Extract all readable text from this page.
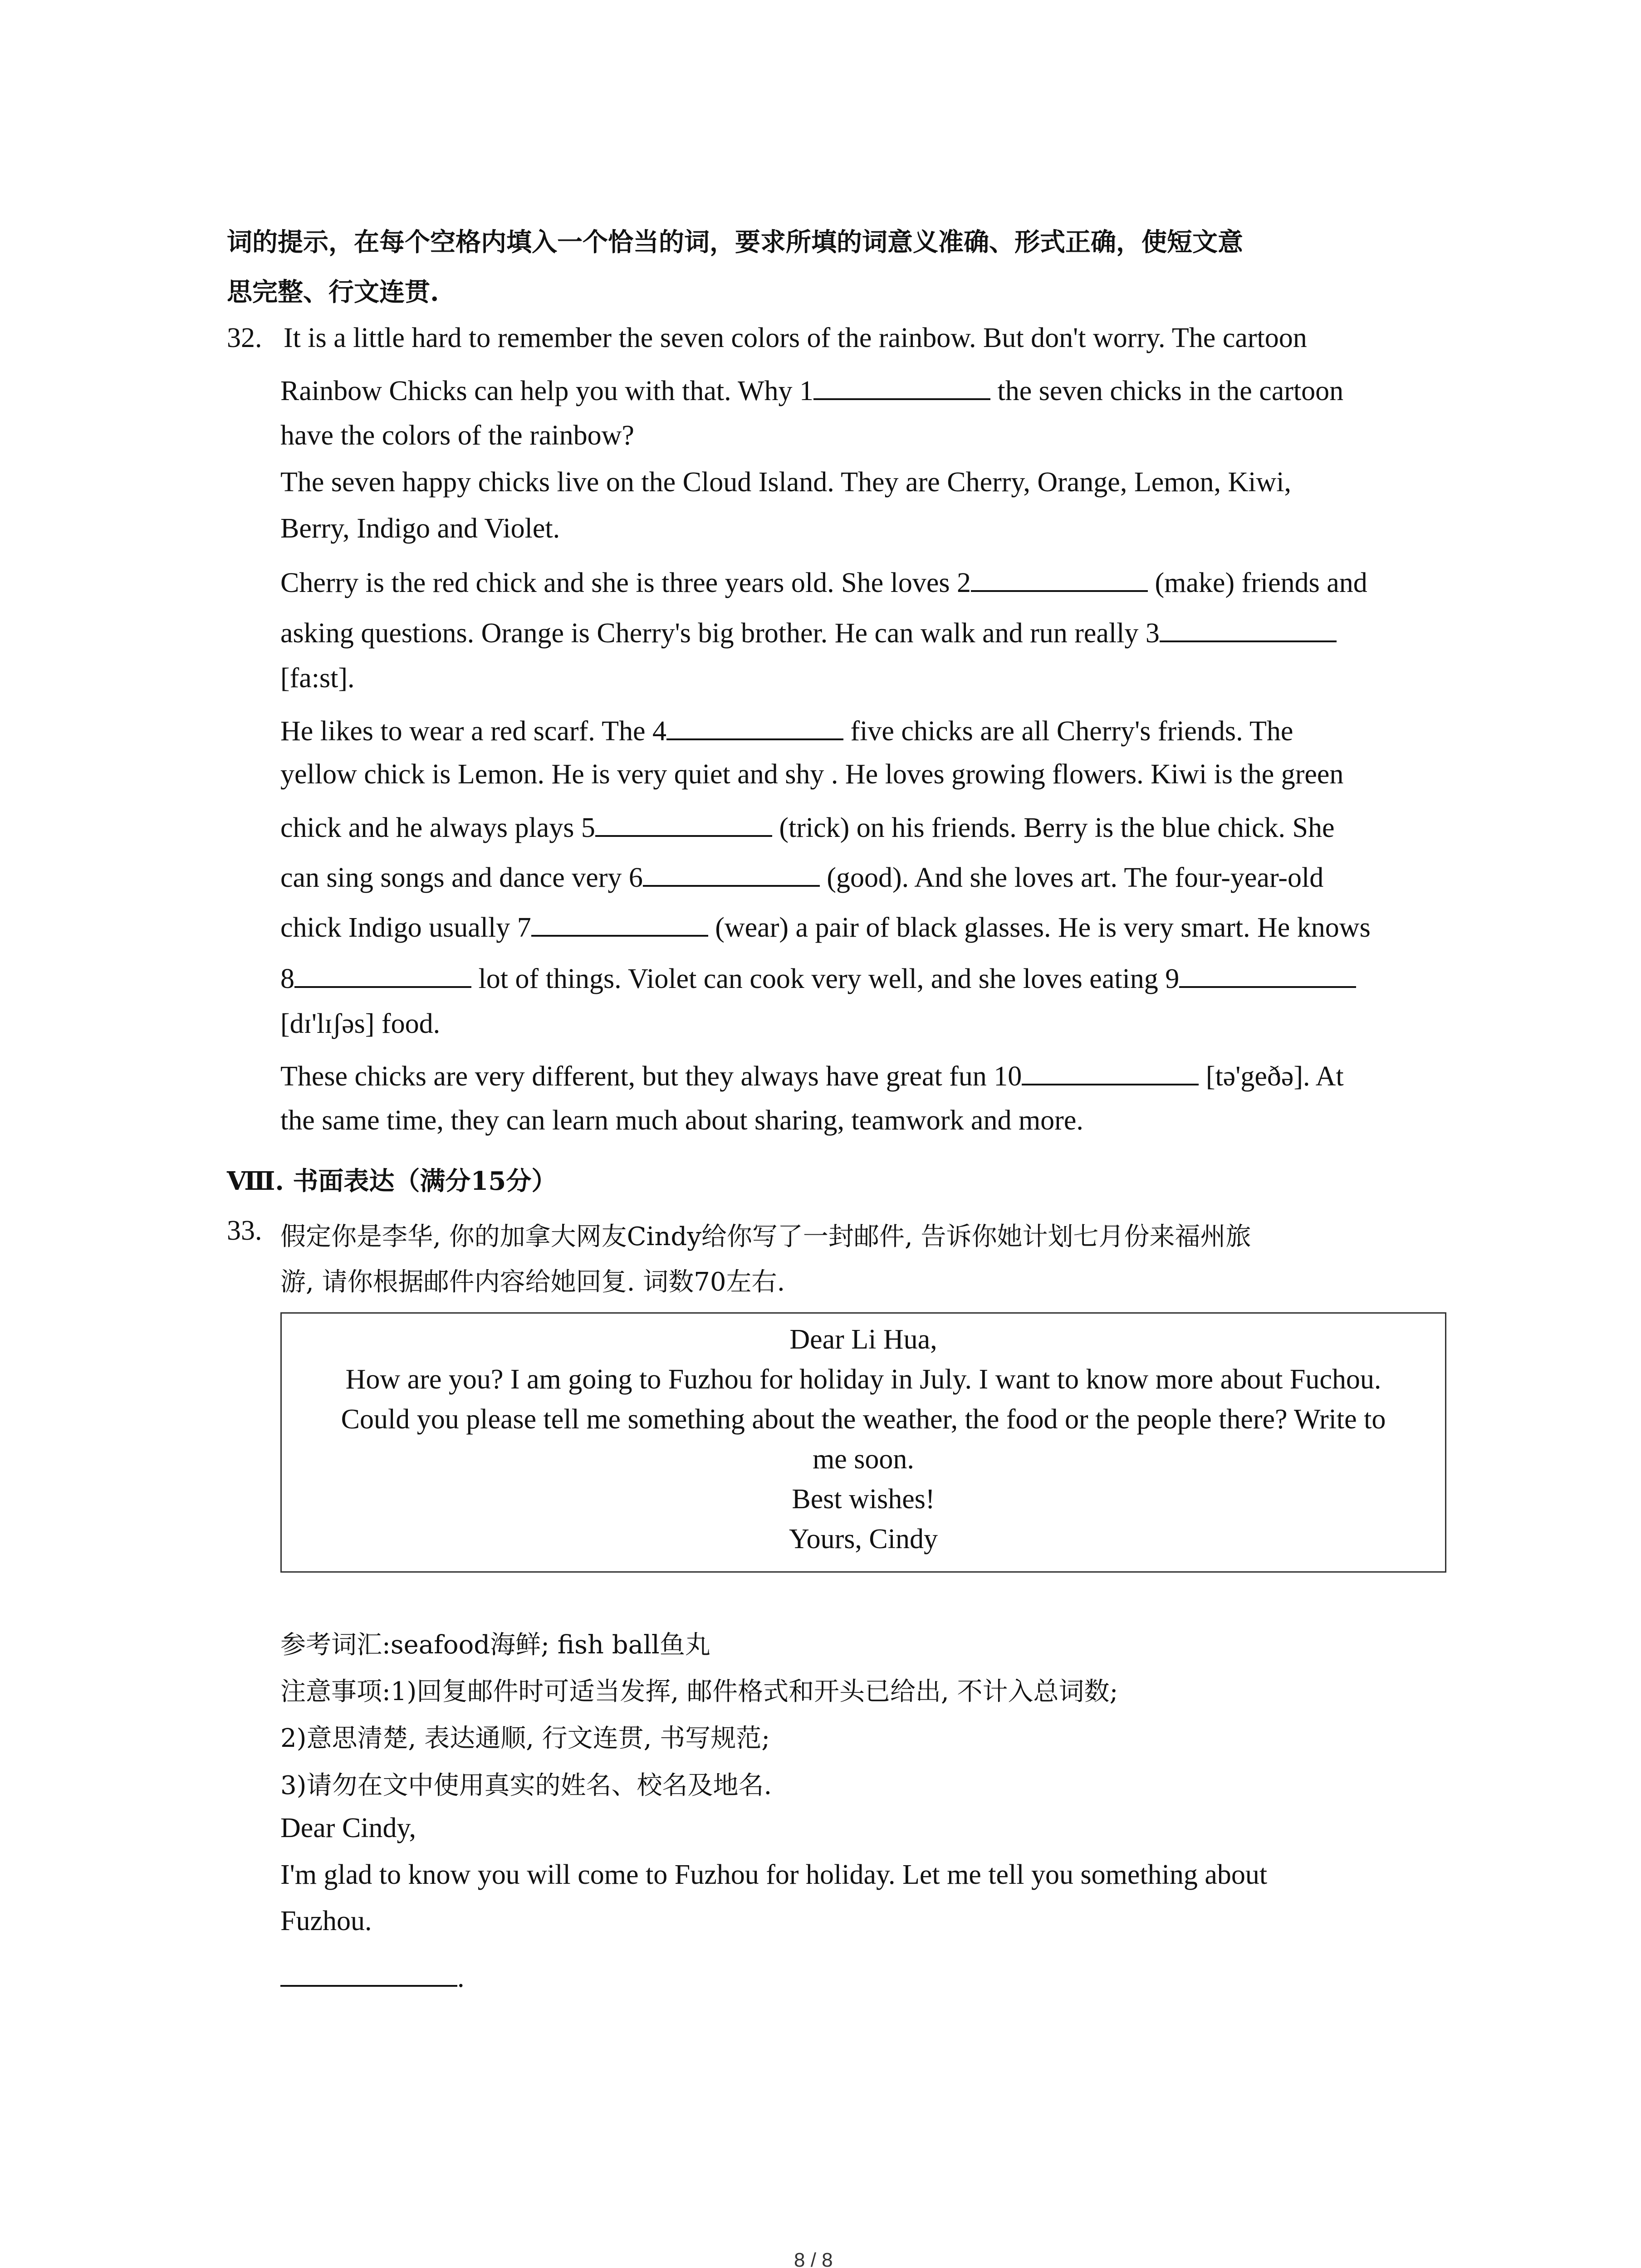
词的提示，在每个空格内填入一个恰当的词，要求所填的词意义准确、形式正确，使短文意
思完整、行文连贯.
32. It is a little hard to remember the seven colors of the rainbow. But don't worry. The cartoon
Rainbow Chicks can help you with that. Why 1	the seven chicks in the cartoon
have the colors of the rainbow?
The seven happy chicks live on the Cloud Island. They are Cherry, Orange, Lemon, Kiwi,
Berry, Indigo and Violet.
Cherry is the red chick and she is three years old. She loves 2	(make) friends and
asking questions. Orange is Cherry's big brother. He can walk and run really 3
[fa:st].
He likes to wear a red scarf. The 4	five chicks are all Cherry's friends. The
yellow chick is Lemon. He is very quiet and shy . He loves growing flowers. Kiwi is the green
chick and he always plays 5	(trick) on his friends. Berry is the blue chick. She
can sing songs and dance very 6	(good). And she loves art. The four-year-old
chick Indigo usually 7	(wear) a pair of black glasses. He is very smart. He knows
8	lot of things. Violet can cook very well, and she loves eating 9
[dɪ'lɪʃəs] food.
These chicks are very different, but they always have great fun 10	[tə'geðə]. At
the same time, they can learn much about sharing, teamwork and more.
Ⅷ. 书面表达（满分15分）
33. 假定你是李华, 你的加拿大网友Cindy给你写了一封邮件, 告诉你她计划七月份来福州旅
游, 请你根据邮件内容给她回复. 词数70左右.
Dear Li Hua,
How are you? I am going to Fuzhou for holiday in July. I want to know more about Fuchou.
Could you please tell me something about the weather, the food or the people there? Write to
me soon.
Best wishes!
Yours, Cindy
参考词汇:seafood海鲜; fish ball鱼丸
注意事项:1)回复邮件时可适当发挥, 邮件格式和开头已给出, 不计入总词数;
2)意思清楚, 表达通顺, 行文连贯, 书写规范;
3)请勿在文中使用真实的姓名、校名及地名.
Dear Cindy,
I'm glad to know you will come to Fuzhou for holiday. Let me tell you something about
Fuzhou.
.
8 / 8
